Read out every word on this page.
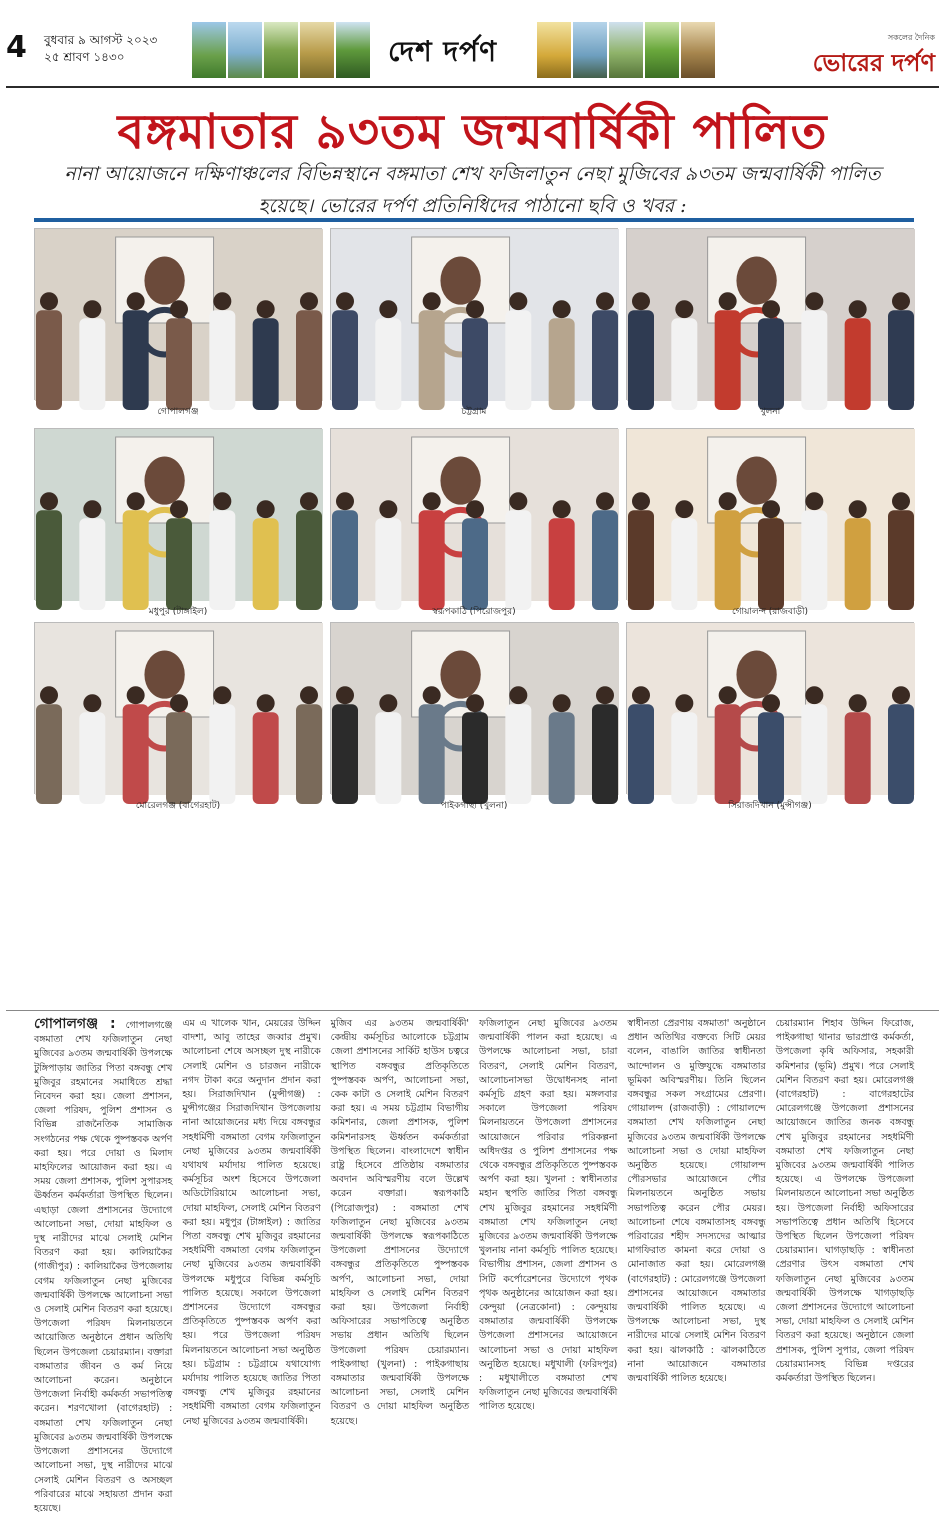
4 বুধবার ৯ আগস্ট ২০২৩
২৫ শ্রাবণ ১৪৩০	দেশ দর্পণ	সকলের দৈনিক
ভোরের দর্পণ
বঙ্গমাতার ৯৩তম জন্মবার্ষিকী পালিত
নানা আয়োজনে দক্ষিণাঞ্চলের বিভিন্নস্থানে বঙ্গমাতা শেখ ফজিলাতুন নেছা মুজিবের ৯৩তম জন্মবার্ষিকী পালিত হয়েছে। ভোরের দর্পণ প্রতিনিধিদের পাঠানো ছবি ও খবর :
গোপালগঞ্জ	চট্টগ্রাম	খুলনা
মধুপুর (টাঙ্গাইল)	স্বরূপকাঠি (পিরোজপুর)	গোয়ালন্দ (রাজবাড়ী)
মোরেলগঞ্জ (বাগেরহাট)	পাইকগাছা (খুলনা)	সিরাজদিখান (মুন্সীগঞ্জ)
গোপালগঞ্জ : গোপালগঞ্জে বঙ্গমাতা শেখ ফজিলাতুন নেছা মুজিবের ৯৩তম জন্মবার্ষিকী উপলক্ষে টুঙ্গিপাড়ায় জাতির পিতা বঙ্গবন্ধু শেখ মুজিবুর রহমানের সমাধিতে শ্রদ্ধা নিবেদন করা হয়। জেলা প্রশাসন, জেলা পরিষদ, পুলিশ প্রশাসন ও বিভিন্ন রাজনৈতিক সামাজিক সংগঠনের পক্ষ থেকে পুষ্পস্তবক অর্পণ করা হয়। পরে দোয়া ও মিলাদ মাহফিলের আয়োজন করা হয়। এ সময় জেলা প্রশাসক, পুলিশ সুপারসহ ঊর্ধ্বতন কর্মকর্তারা উপস্থিত ছিলেন। এছাড়া জেলা প্রশাসনের উদ্যোগে আলোচনা সভা, দোয়া মাহফিল ও দুস্থ নারীদের মাঝে সেলাই মেশিন বিতরণ করা হয়। কালিয়াকৈর (গাজীপুর) : কালিয়াকৈর উপজেলায় বেগম ফজিলাতুন নেছা মুজিবের জন্মবার্ষিকী উপলক্ষে আলোচনা সভা ও সেলাই মেশিন বিতরণ করা হয়েছে। উপজেলা পরিষদ মিলনায়তনে আয়োজিত অনুষ্ঠানে প্রধান অতিথি ছিলেন উপজেলা চেয়ারম্যান। বক্তারা বঙ্গমাতার জীবন ও কর্ম নিয়ে আলোচনা করেন। অনুষ্ঠানে উপজেলা নির্বাহী কর্মকর্তা সভাপতিত্ব করেন। শরণখোলা (বাগেরহাট) : বঙ্গমাতা শেখ ফজিলাতুন নেছা মুজিবের ৯৩তম জন্মবার্ষিকী উপলক্ষে উপজেলা প্রশাসনের উদ্যোগে আলোচনা সভা, দুস্থ নারীদের মাঝে সেলাই মেশিন বিতরণ ও অসচ্ছল পরিবারের মাঝে সহায়তা প্রদান করা হয়েছে।
এম এ খালেক খান, মেয়রের উদ্দিন বাদশা, আবু তাহের জব্বার প্রমুখ। আলোচনা শেষে অসচ্ছল দুস্থ নারীকে সেলাই মেশিন ও চারজন নারীকে নগদ টাকা করে অনুদান প্রদান করা হয়। সিরাজদিখান (মুন্সীগঞ্জ) : মুন্সীগঞ্জের সিরাজদিখান উপজেলায় নানা আয়োজনের মধ্য দিয়ে বঙ্গবন্ধুর সহধর্মিণী বঙ্গমাতা বেগম ফজিলাতুন নেছা মুজিবের ৯৩তম জন্মবার্ষিকী যথাযথ মর্যাদায় পালিত হয়েছে। কর্মসূচির অংশ হিসেবে উপজেলা অডিটোরিয়ামে আলোচনা সভা, দোয়া মাহফিল, সেলাই মেশিন বিতরণ করা হয়। মধুপুর (টাঙ্গাইল) : জাতির পিতা বঙ্গবন্ধু শেখ মুজিবুর রহমানের সহধর্মিণী বঙ্গমাতা বেগম ফজিলাতুন নেছা মুজিবের ৯৩তম জন্মবার্ষিকী উপলক্ষে মধুপুরে বিভিন্ন কর্মসূচি পালিত হয়েছে। সকালে উপজেলা প্রশাসনের উদ্যোগে বঙ্গবন্ধুর প্রতিকৃতিতে পুষ্পস্তবক অর্পণ করা হয়। পরে উপজেলা পরিষদ মিলনায়তনে আলোচনা সভা অনুষ্ঠিত হয়। চট্টগ্রাম : চট্টগ্রামে যথাযোগ্য মর্যাদায় পালিত হয়েছে জাতির পিতা বঙ্গবন্ধু শেখ মুজিবুর রহমানের সহধর্মিণী বঙ্গমাতা বেগম ফজিলাতুন নেছা মুজিবের ৯৩তম জন্মবার্ষিকী।
মুজিব এর ৯৩তম জন্মবার্ষিকী' কেন্দ্রীয় কর্মসূচির আলোকে চট্টগ্রাম জেলা প্রশাসনের সার্কিট হাউস চত্বরে স্থাপিত বঙ্গবন্ধুর প্রতিকৃতিতে পুষ্পস্তবক অর্পণ, আলোচনা সভা, কেক কাটা ও সেলাই মেশিন বিতরণ করা হয়। এ সময় চট্টগ্রাম বিভাগীয় কমিশনার, জেলা প্রশাসক, পুলিশ কমিশনারসহ ঊর্ধ্বতন কর্মকর্তারা উপস্থিত ছিলেন। বাংলাদেশে স্বাধীন রাষ্ট্র হিসেবে প্রতিষ্ঠায় বঙ্গমাতার অবদান অবিস্মরণীয় বলে উল্লেখ করেন বক্তারা। স্বরূপকাঠি (পিরোজপুর) : বঙ্গমাতা শেখ ফজিলাতুন নেছা মুজিবের ৯৩তম জন্মবার্ষিকী উপলক্ষে স্বরূপকাঠিতে উপজেলা প্রশাসনের উদ্যোগে বঙ্গবন্ধুর প্রতিকৃতিতে পুষ্পস্তবক অর্পণ, আলোচনা সভা, দোয়া মাহফিল ও সেলাই মেশিন বিতরণ করা হয়। উপজেলা নির্বাহী অফিসারের সভাপতিত্বে অনুষ্ঠিত সভায় প্রধান অতিথি ছিলেন উপজেলা পরিষদ চেয়ারম্যান। পাইকগাছা (খুলনা) : পাইকগাছায় বঙ্গমাতার জন্মবার্ষিকী উপলক্ষে আলোচনা সভা, সেলাই মেশিন বিতরণ ও দোয়া মাহফিল অনুষ্ঠিত হয়েছে।
ফজিলাতুন নেছা মুজিবের ৯৩তম জন্মবার্ষিকী পালন করা হয়েছে। এ উপলক্ষে আলোচনা সভা, চারা বিতরণ, সেলাই মেশিন বিতরণ, আলোচনাসভা উদ্বোধনসহ নানা কর্মসূচি গ্রহণ করা হয়। মঙ্গলবার সকালে উপজেলা পরিষদ মিলনায়তনে উপজেলা প্রশাসনের আয়োজনে পরিবার পরিকল্পনা অধিদপ্তর ও পুলিশ প্রশাসনের পক্ষ থেকে বঙ্গবন্ধুর প্রতিকৃতিতে পুষ্পস্তবক অর্পণ করা হয়। খুলনা : স্বাধীনতার মহান স্থপতি জাতির পিতা বঙ্গবন্ধু শেখ মুজিবুর রহমানের সহধর্মিণী বঙ্গমাতা শেখ ফজিলাতুন নেছা মুজিবের ৯৩তম জন্মবার্ষিকী উপলক্ষে খুলনায় নানা কর্মসূচি পালিত হয়েছে। বিভাগীয় প্রশাসন, জেলা প্রশাসন ও সিটি কর্পোরেশনের উদ্যোগে পৃথক পৃথক অনুষ্ঠানের আয়োজন করা হয়। কেন্দুয়া (নেত্রকোনা) : কেন্দুয়ায় বঙ্গমাতার জন্মবার্ষিকী উপলক্ষে উপজেলা প্রশাসনের আয়োজনে আলোচনা সভা ও দোয়া মাহফিল অনুষ্ঠিত হয়েছে। মধুখালী (ফরিদপুর) : মধুখালীতে বঙ্গমাতা শেখ ফজিলাতুন নেছা মুজিবের জন্মবার্ষিকী পালিত হয়েছে।
স্বাধীনতা প্রেরণায় বঙ্গমাতা' অনুষ্ঠানে প্রধান অতিথির বক্তব্যে সিটি মেয়র বলেন, বাঙালি জাতির স্বাধীনতা আন্দোলন ও মুক্তিযুদ্ধে বঙ্গমাতার ভূমিকা অবিস্মরণীয়। তিনি ছিলেন বঙ্গবন্ধুর সকল সংগ্রামের প্রেরণা। গোয়ালন্দ (রাজবাড়ী) : গোয়ালন্দে বঙ্গমাতা শেখ ফজিলাতুন নেছা মুজিবের ৯৩তম জন্মবার্ষিকী উপলক্ষে আলোচনা সভা ও দোয়া মাহফিল অনুষ্ঠিত হয়েছে। গোয়ালন্দ পৌরসভার আয়োজনে পৌর মিলনায়তনে অনুষ্ঠিত সভায় সভাপতিত্ব করেন পৌর মেয়র। আলোচনা শেষে বঙ্গমাতাসহ বঙ্গবন্ধু পরিবারের শহীদ সদস্যদের আত্মার মাগফিরাত কামনা করে দোয়া ও মোনাজাত করা হয়। মোরেলগঞ্জ (বাগেরহাট) : মোরেলগঞ্জে উপজেলা প্রশাসনের আয়োজনে বঙ্গমাতার জন্মবার্ষিকী পালিত হয়েছে। এ উপলক্ষে আলোচনা সভা, দুস্থ নারীদের মাঝে সেলাই মেশিন বিতরণ করা হয়। ঝালকাঠি : ঝালকাঠিতে নানা আয়োজনে বঙ্গমাতার জন্মবার্ষিকী পালিত হয়েছে।
চেয়ারম্যান শিহাব উদ্দিন ফিরোজ, পাইকগাছা থানার ভারপ্রাপ্ত কর্মকর্তা, উপজেলা কৃষি অফিসার, সহকারী কমিশনার (ভূমি) প্রমুখ। পরে সেলাই মেশিন বিতরণ করা হয়। মোরেলগঞ্জ (বাগেরহাট) : বাগেরহাটের মোরেলগঞ্জে উপজেলা প্রশাসনের আয়োজনে জাতির জনক বঙ্গবন্ধু শেখ মুজিবুর রহমানের সহধর্মিণী বঙ্গমাতা শেখ ফজিলাতুন নেছা মুজিবের ৯৩তম জন্মবার্ষিকী পালিত হয়েছে। এ উপলক্ষে উপজেলা মিলনায়তনে আলোচনা সভা অনুষ্ঠিত হয়। উপজেলা নির্বাহী অফিসারের সভাপতিত্বে প্রধান অতিথি হিসেবে উপস্থিত ছিলেন উপজেলা পরিষদ চেয়ারম্যান। ঘাগড়াছড়ি : স্বাধীনতা প্রেরণার উৎস বঙ্গমাতা শেখ ফজিলাতুন নেছা মুজিবের ৯৩তম জন্মবার্ষিকী উপলক্ষে খাগড়াছড়ি জেলা প্রশাসনের উদ্যোগে আলোচনা সভা, দোয়া মাহফিল ও সেলাই মেশিন বিতরণ করা হয়েছে। অনুষ্ঠানে জেলা প্রশাসক, পুলিশ সুপার, জেলা পরিষদ চেয়ারম্যানসহ বিভিন্ন দপ্তরের কর্মকর্তারা উপস্থিত ছিলেন।
